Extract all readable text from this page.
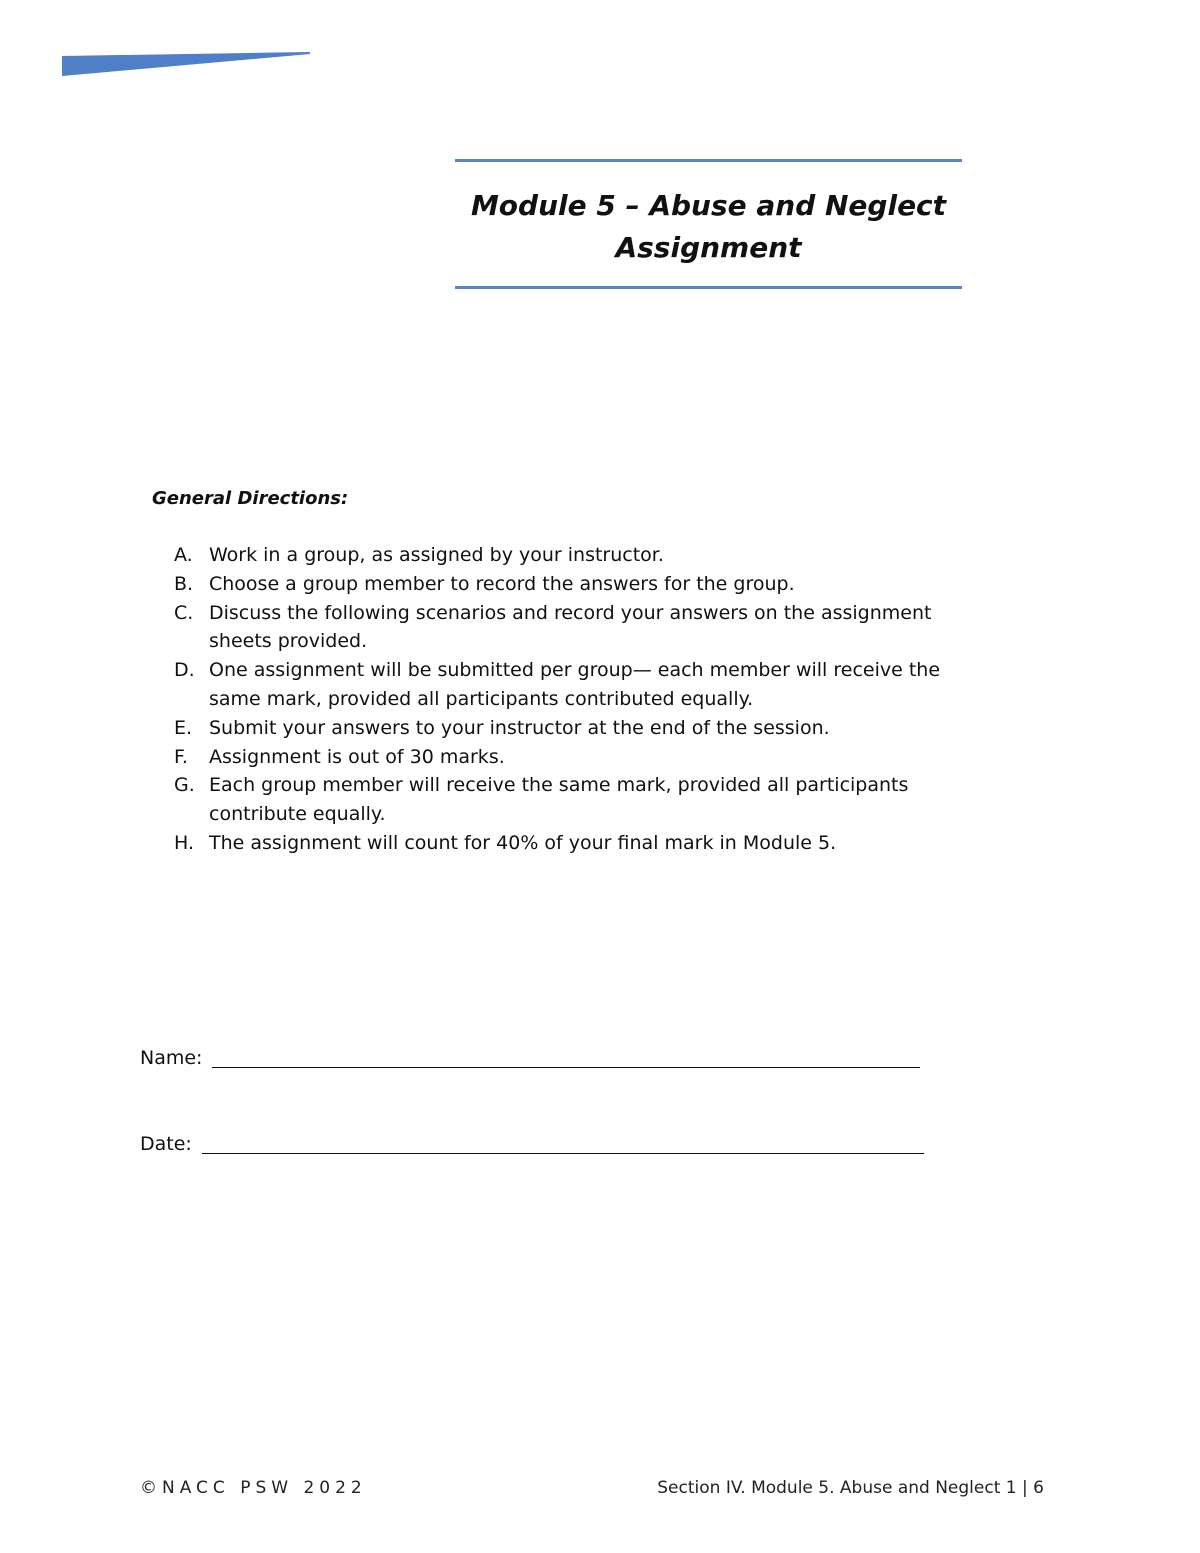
Module 5 – Abuse and Neglect
Assignment
General Directions:
A. Work in a group, as assigned by your instructor.
B. Choose a group member to record the answers for the group.
C. Discuss the following scenarios and record your answers on the assignment sheets provided.
D. One assignment will be submitted per group— each member will receive the same mark, provided all participants contributed equally.
E. Submit your answers to your instructor at the end of the session.
F.	Assignment is out of 30 marks.
G. Each group member will receive the same mark, provided all participants contribute equally.
H. The assignment will count for 40% of your final mark in Module 5.
Name:
Date:
©NACC PSW 2022	Section IV. Module 5. Abuse and Neglect 1 | 6
